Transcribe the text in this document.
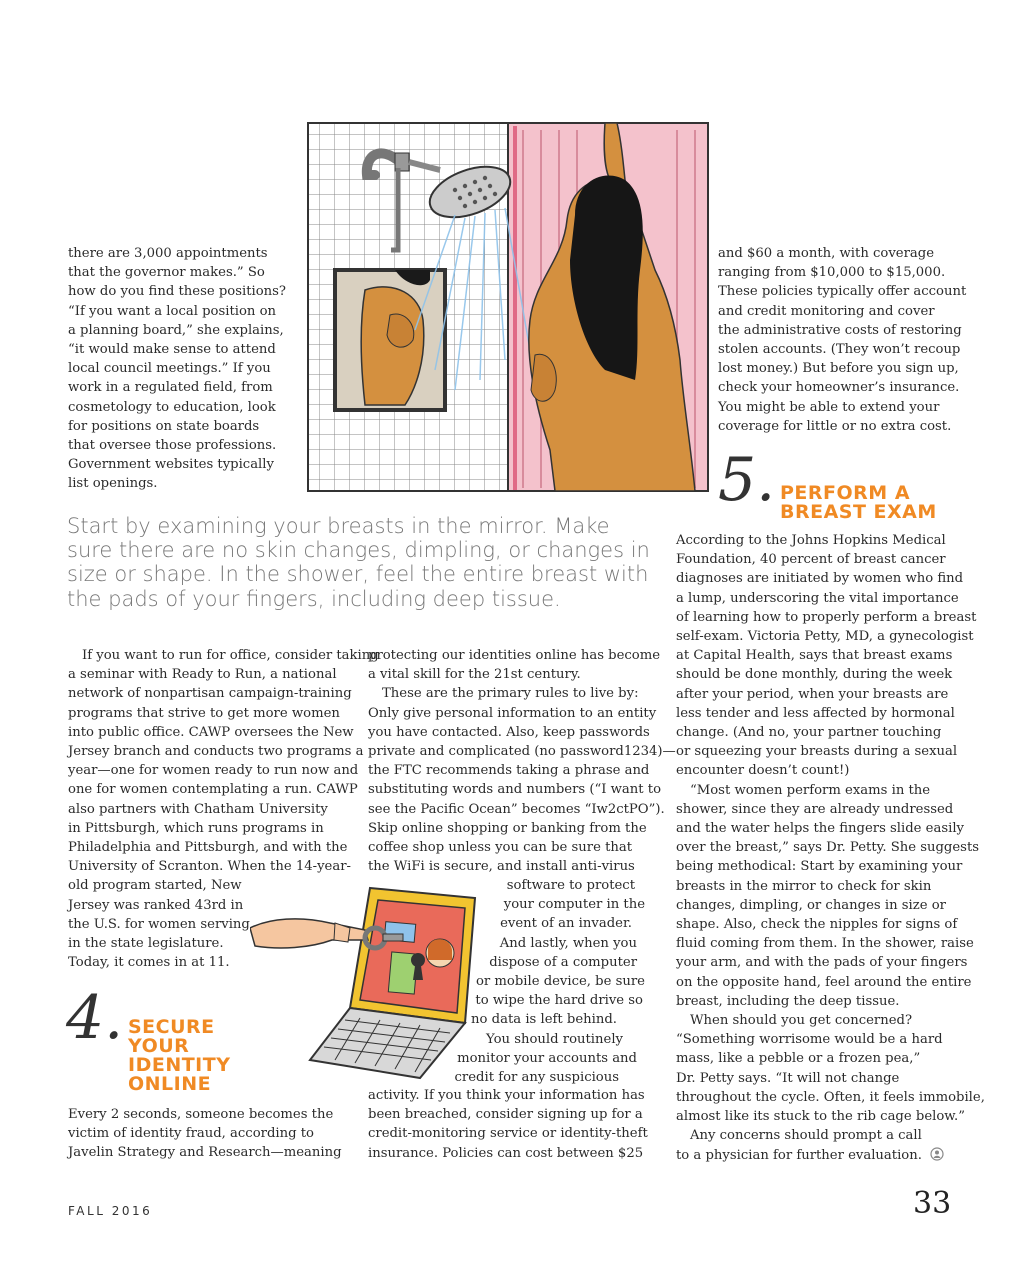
there are 3,000 appointments
that the governor makes.” So
how do you find these positions?
“If you want a local position on
a planning board,” she explains,
“it would make sense to attend
local council meetings.” If you
work in a regulated field, from
cosmetology to education, look
for positions on state boards
that oversee those professions.
Government websites typically
list openings.
and $60 a month, with coverage
ranging from $10,000 to $15,000.
These policies typically offer account
and credit monitoring and cover
the administrative costs of restoring
stolen accounts. (They won’t recoup
lost money.) But before you sign up,
check your homeowner’s insurance.
You might be able to extend your
coverage for little or no extra cost.
5. PERFORM A
BREAST EXAM
Start by examining your breasts in the mirror. Make
sure there are no skin changes, dimpling, or changes in
size or shape. In the shower, feel the entire breast with
the pads of your fingers, including deep tissue.
If you want to run for office, consider taking
a seminar with Ready to Run, a national
network of nonpartisan campaign-training
programs that strive to get more women
into public office. CAWP oversees the New
Jersey branch and conducts two programs a
year—one for women ready to run now and
one for women contemplating a run. CAWP
also partners with Chatham University
in Pittsburgh, which runs programs in
Philadelphia and Pittsburgh, and with the
University of Scranton. When the 14-year-
old program started, New
Jersey was ranked 43rd in
the U.S. for women serving
in the state legislature.
Today, it comes in at 11.
4. SECURE
YOUR
IDENTITY
ONLINE
Every 2 seconds, someone becomes the
victim of identity fraud, according to
Javelin Strategy and Research—meaning
protecting our identities online has become
a vital skill for the 21st century.
These are the primary rules to live by:
Only give personal information to an entity
you have contacted. Also, keep passwords
private and complicated (no password1234)—
the FTC recommends taking a phrase and
substituting words and numbers (“I want to
see the Pacific Ocean” becomes “Iw2ctPO”).
Skip online shopping or banking from the
coffee shop unless you can be sure that
the WiFi is secure, and install anti-virus
software to protect
your computer in the
event of an invader.
And lastly, when you
dispose of a computer
or mobile device, be sure
to wipe the hard drive so
no data is left behind.
You should routinely
monitor your accounts and
credit for any suspicious
activity. If you think your information has
been breached, consider signing up for a
credit-monitoring service or identity-theft
insurance. Policies can cost between $25
According to the Johns Hopkins Medical
Foundation, 40 percent of breast cancer
diagnoses are initiated by women who find
a lump, underscoring the vital importance
of learning how to properly perform a breast
self-exam. Victoria Petty, MD, a gynecologist
at Capital Health, says that breast exams
should be done monthly, during the week
after your period, when your breasts are
less tender and less affected by hormonal
change. (And no, your partner touching
or squeezing your breasts during a sexual
encounter doesn’t count!)
“Most women perform exams in the
shower, since they are already undressed
and the water helps the fingers slide easily
over the breast,” says Dr. Petty. She suggests
being methodical: Start by examining your
breasts in the mirror to check for skin
changes, dimpling, or changes in size or
shape. Also, check the nipples for signs of
fluid coming from them. In the shower, raise
your arm, and with the pads of your fingers
on the opposite hand, feel around the entire
breast, including the deep tissue.
When should you get concerned?
“Something worrisome would be a hard
mass, like a pebble or a frozen pea,”
Dr. Petty says. “It will not change
throughout the cycle. Often, it feels immobile,
almost like its stuck to the rib cage below.”
Any concerns should prompt a call
to a physician for further evaluation.
FALL 2016	33
